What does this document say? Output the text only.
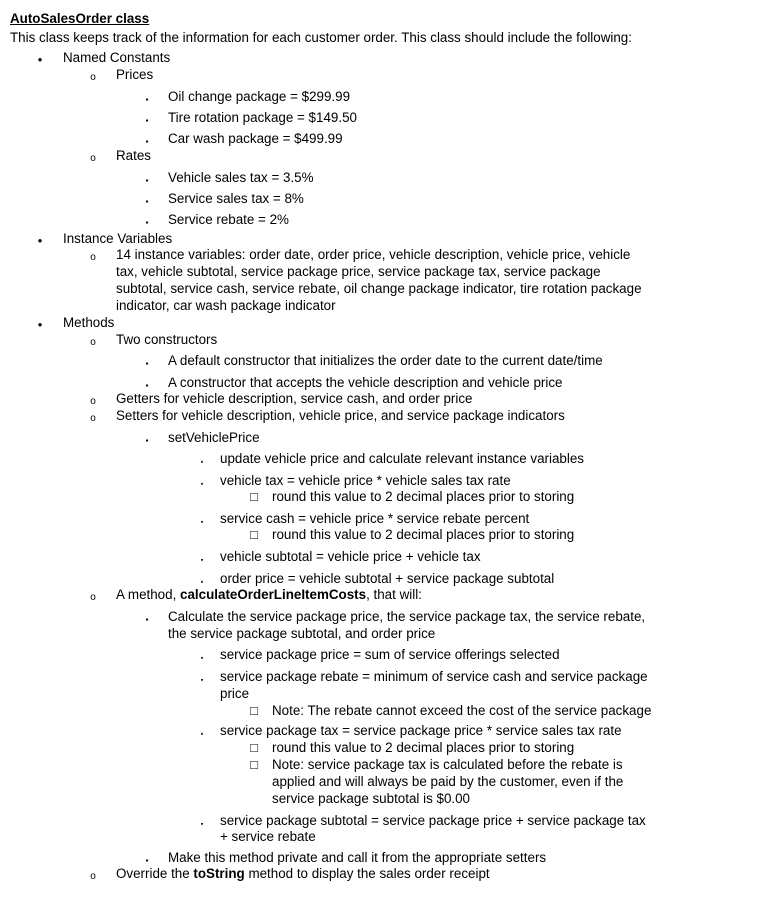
AutoSalesOrder class
This class keeps track of the information for each customer order. This class should include the following:
●
Named Constants
o
Prices
▪
Oil change package = $299.99
▪
Tire rotation package = $149.50
▪
Car wash package = $499.99
o
Rates
▪
Vehicle sales tax = 3.5%
▪
Service sales tax = 8%
▪
Service rebate = 2%
●
Instance Variables
o
14 instance variables: order date, order price, vehicle description, vehicle price, vehicle
tax, vehicle subtotal, service package price, service package tax, service package
subtotal, service cash, service rebate, oil change package indicator, tire rotation package
indicator, car wash package indicator
●
Methods
o
Two constructors
▪
A default constructor that initializes the order date to the current date/time
▪
A constructor that accepts the vehicle description and vehicle price
o
Getters for vehicle description, service cash, and order price
o
Setters for vehicle description, vehicle price, and service package indicators
▪
setVehiclePrice
▪
update vehicle price and calculate relevant instance variables
▪
vehicle tax = vehicle price * vehicle sales tax rate
□
round this value to 2 decimal places prior to storing
▪
service cash = vehicle price * service rebate percent
□
round this value to 2 decimal places prior to storing
▪
vehicle subtotal = vehicle price + vehicle tax
▪
order price = vehicle subtotal + service package subtotal
o
A method, calculateOrderLineItemCosts, that will:
▪
Calculate the service package price, the service package tax, the service rebate,
the service package subtotal, and order price
▪
service package price = sum of service offerings selected
▪
service package rebate = minimum of service cash and service package
price
□
Note: The rebate cannot exceed the cost of the service package
▪
service package tax = service package price * service sales tax rate
□
round this value to 2 decimal places prior to storing
□
Note: service package tax is calculated before the rebate is
applied and will always be paid by the customer, even if the
service package subtotal is $0.00
▪
service package subtotal = service package price + service package tax
+ service rebate
▪
Make this method private and call it from the appropriate setters
o
Override the toString method to display the sales order receipt
